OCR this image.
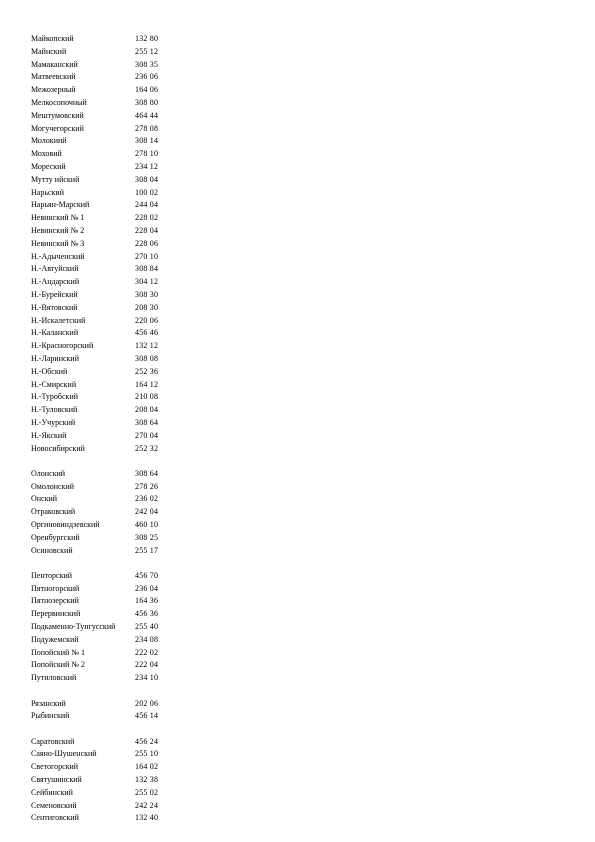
Майкопский	132 80
Майнский	255 12
Мамаканский	308 35
Матвеевский	236 06
Межозерный	164 06
Мелкосопочный	308 80
Мештумовский	464 44
Могучегорский	278 08
Молокиий	308 14
Моховий	278 10
Мореский	234 12
Мутту ийский	308 04
Нарьский	100 02
Нарьян-Марский	244 04
Невинский № 1	228 02
Невинский № 2	228 04
Невинский № 3	228 06
Н.-Адыченский	270 10
Н.-Автуйский	308 84
Н.-Андарский	304 12
Н.-Бурейский	308 30
Н.-Вятовский	208 30
Н.-Искалетский	220 06
Н.-Каланский	456 46
Н.-Красногорский	132 12
Н.-Ларинский	308 08
Н.-Обский	252 36
Н.-Смирский	164 12
Н.-Туробский	210 08
Н.-Туловский	208 04
Н.-Учурский	308 64
Н.-Якский	270 04
Новосибирский	252 32
Олонский	308 64
Омолонский	278 26
Онский	236 02
Отраковский	242 04
Оргиновиндзевский	460 10
Оренбургский	308 25
Осиновский	255 17
Пенторский	456 70
Пятногорский	236 04
Пятнозерский	164 36
Перервинский	456 36
Подкаменно-Тунгусский	255 40
Подужемский	234 08
Попойский № 1	222 02
Попойский № 2	222 04
Путиловский	234 10
Рязанский	202 06
Рыбинский	456 14
Саратовский	456 24
Саяно-Шушенский	255 10
Светогорский	164 02
Святушинский	132 38
Сейбинский	255 02
Семеновский	242 24
Сентиговский	132 40
